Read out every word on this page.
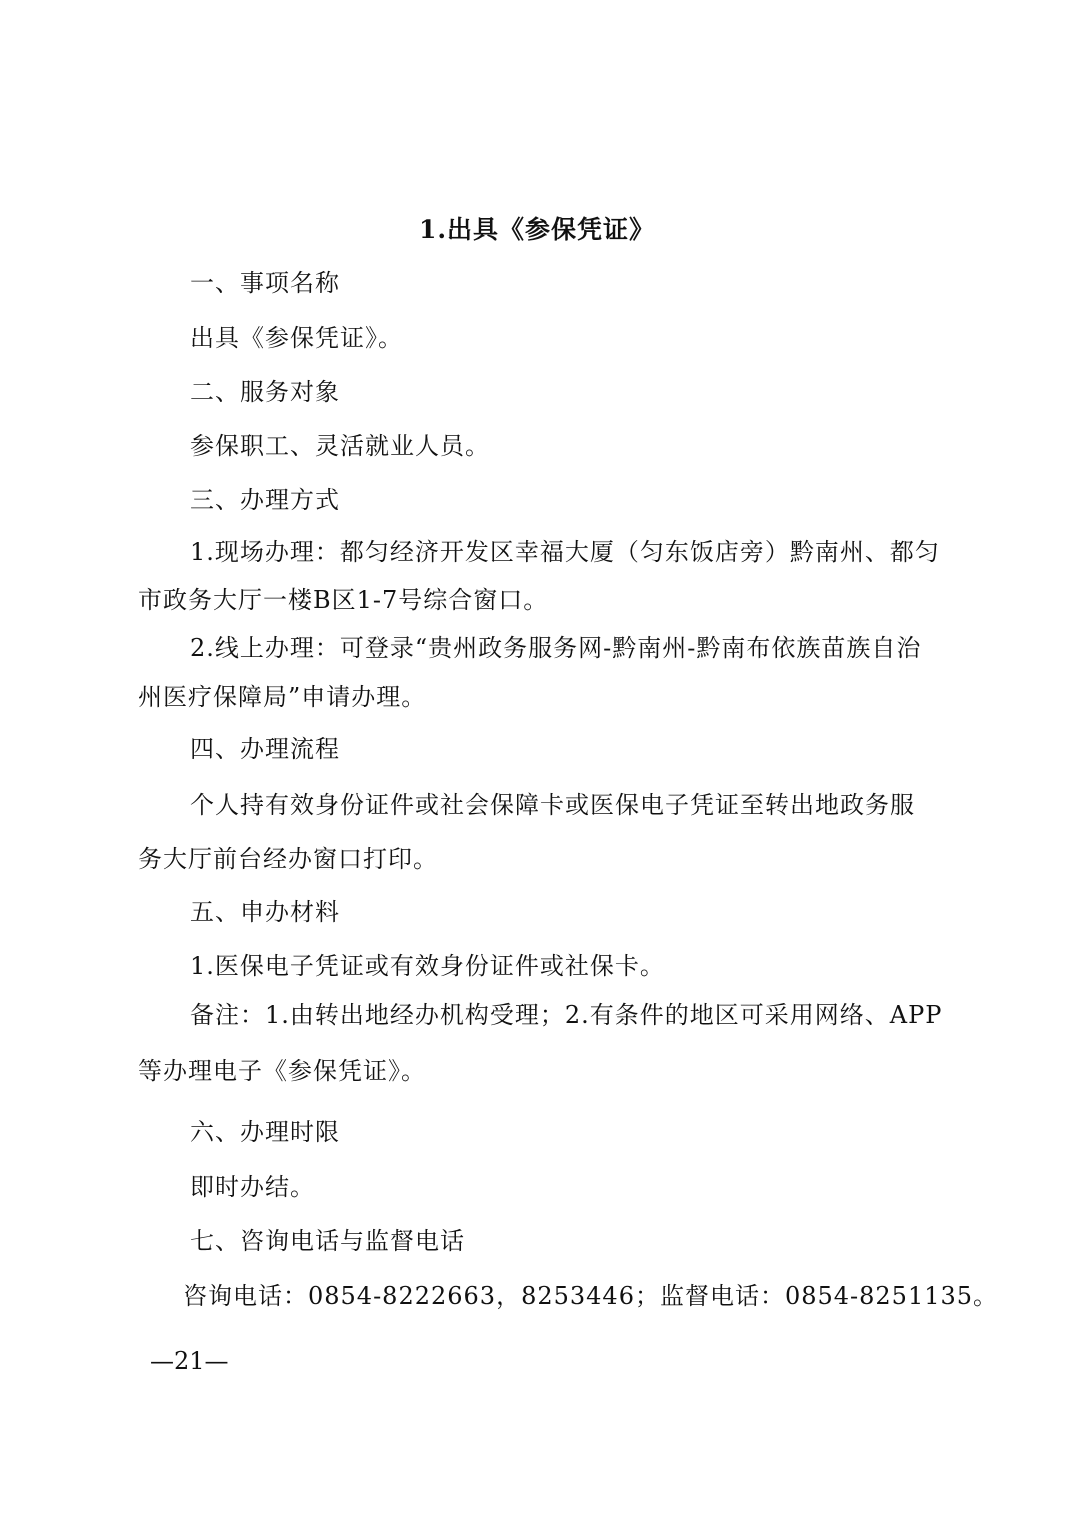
1.出具《参保凭证》
一、事项名称
出具《参保凭证》。
二、服务对象
参保职工、灵活就业人员。
三、办理方式
1.现场办理：都匀经济开发区幸福大厦（匀东饭店旁）黔南州、都匀
市政务大厅一楼B区1-7号综合窗口。
2.线上办理：可登录“贵州政务服务网-黔南州-黔南布依族苗族自治
州医疗保障局”申请办理。
四、办理流程
个人持有效身份证件或社会保障卡或医保电子凭证至转出地政务服
务大厅前台经办窗口打印。
五、申办材料
1.医保电子凭证或有效身份证件或社保卡。
备注：1.由转出地经办机构受理；2.有条件的地区可采用网络、APP
等办理电子《参保凭证》。
六、办理时限
即时办结。
七、咨询电话与监督电话
咨询电话：0854-8222663，8253446；监督电话：0854-8251135。
—21—
